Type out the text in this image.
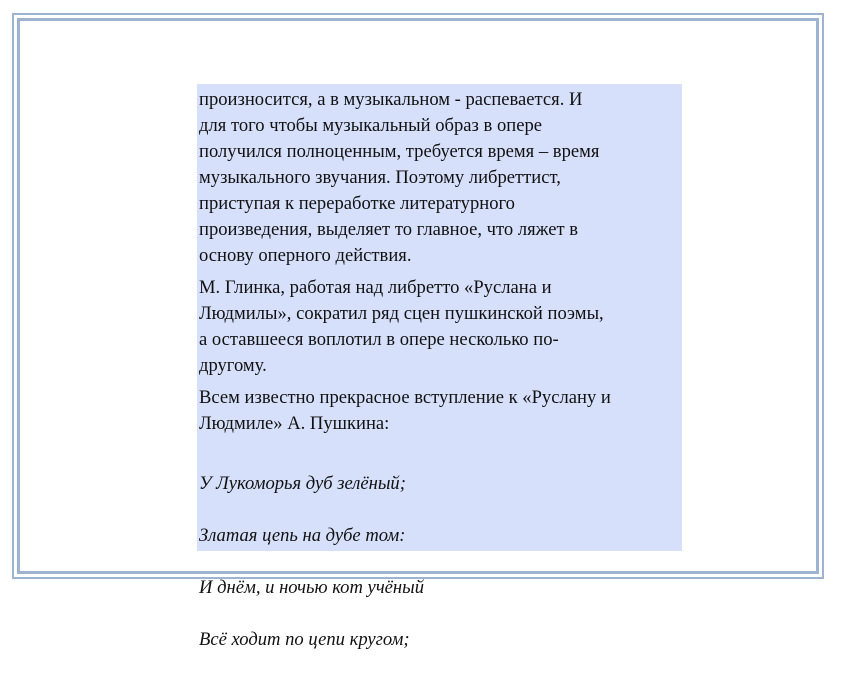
произносится, а в музыкальном - распевается. И
для того чтобы музыкальный образ в опере
получился полноценным, требуется время – время
музыкального звучания. Поэтому либреттист,
приступая к переработке литературного
произведения, выделяет то главное, что ляжет в
основу оперного действия.

М. Глинка, работая над либретто «Руслана и
Людмилы», сократил ряд сцен пушкинской поэмы,
а оставшееся воплотил в опере несколько по-
другому.

Всем известно прекрасное вступление к «Руслану и
Людмиле» А. Пушкина:

У Лукоморья дуб зелёный;

Златая цепь на дубе том:

И днём, и ночью кот учёный

Всё ходит по цепи кругом;
